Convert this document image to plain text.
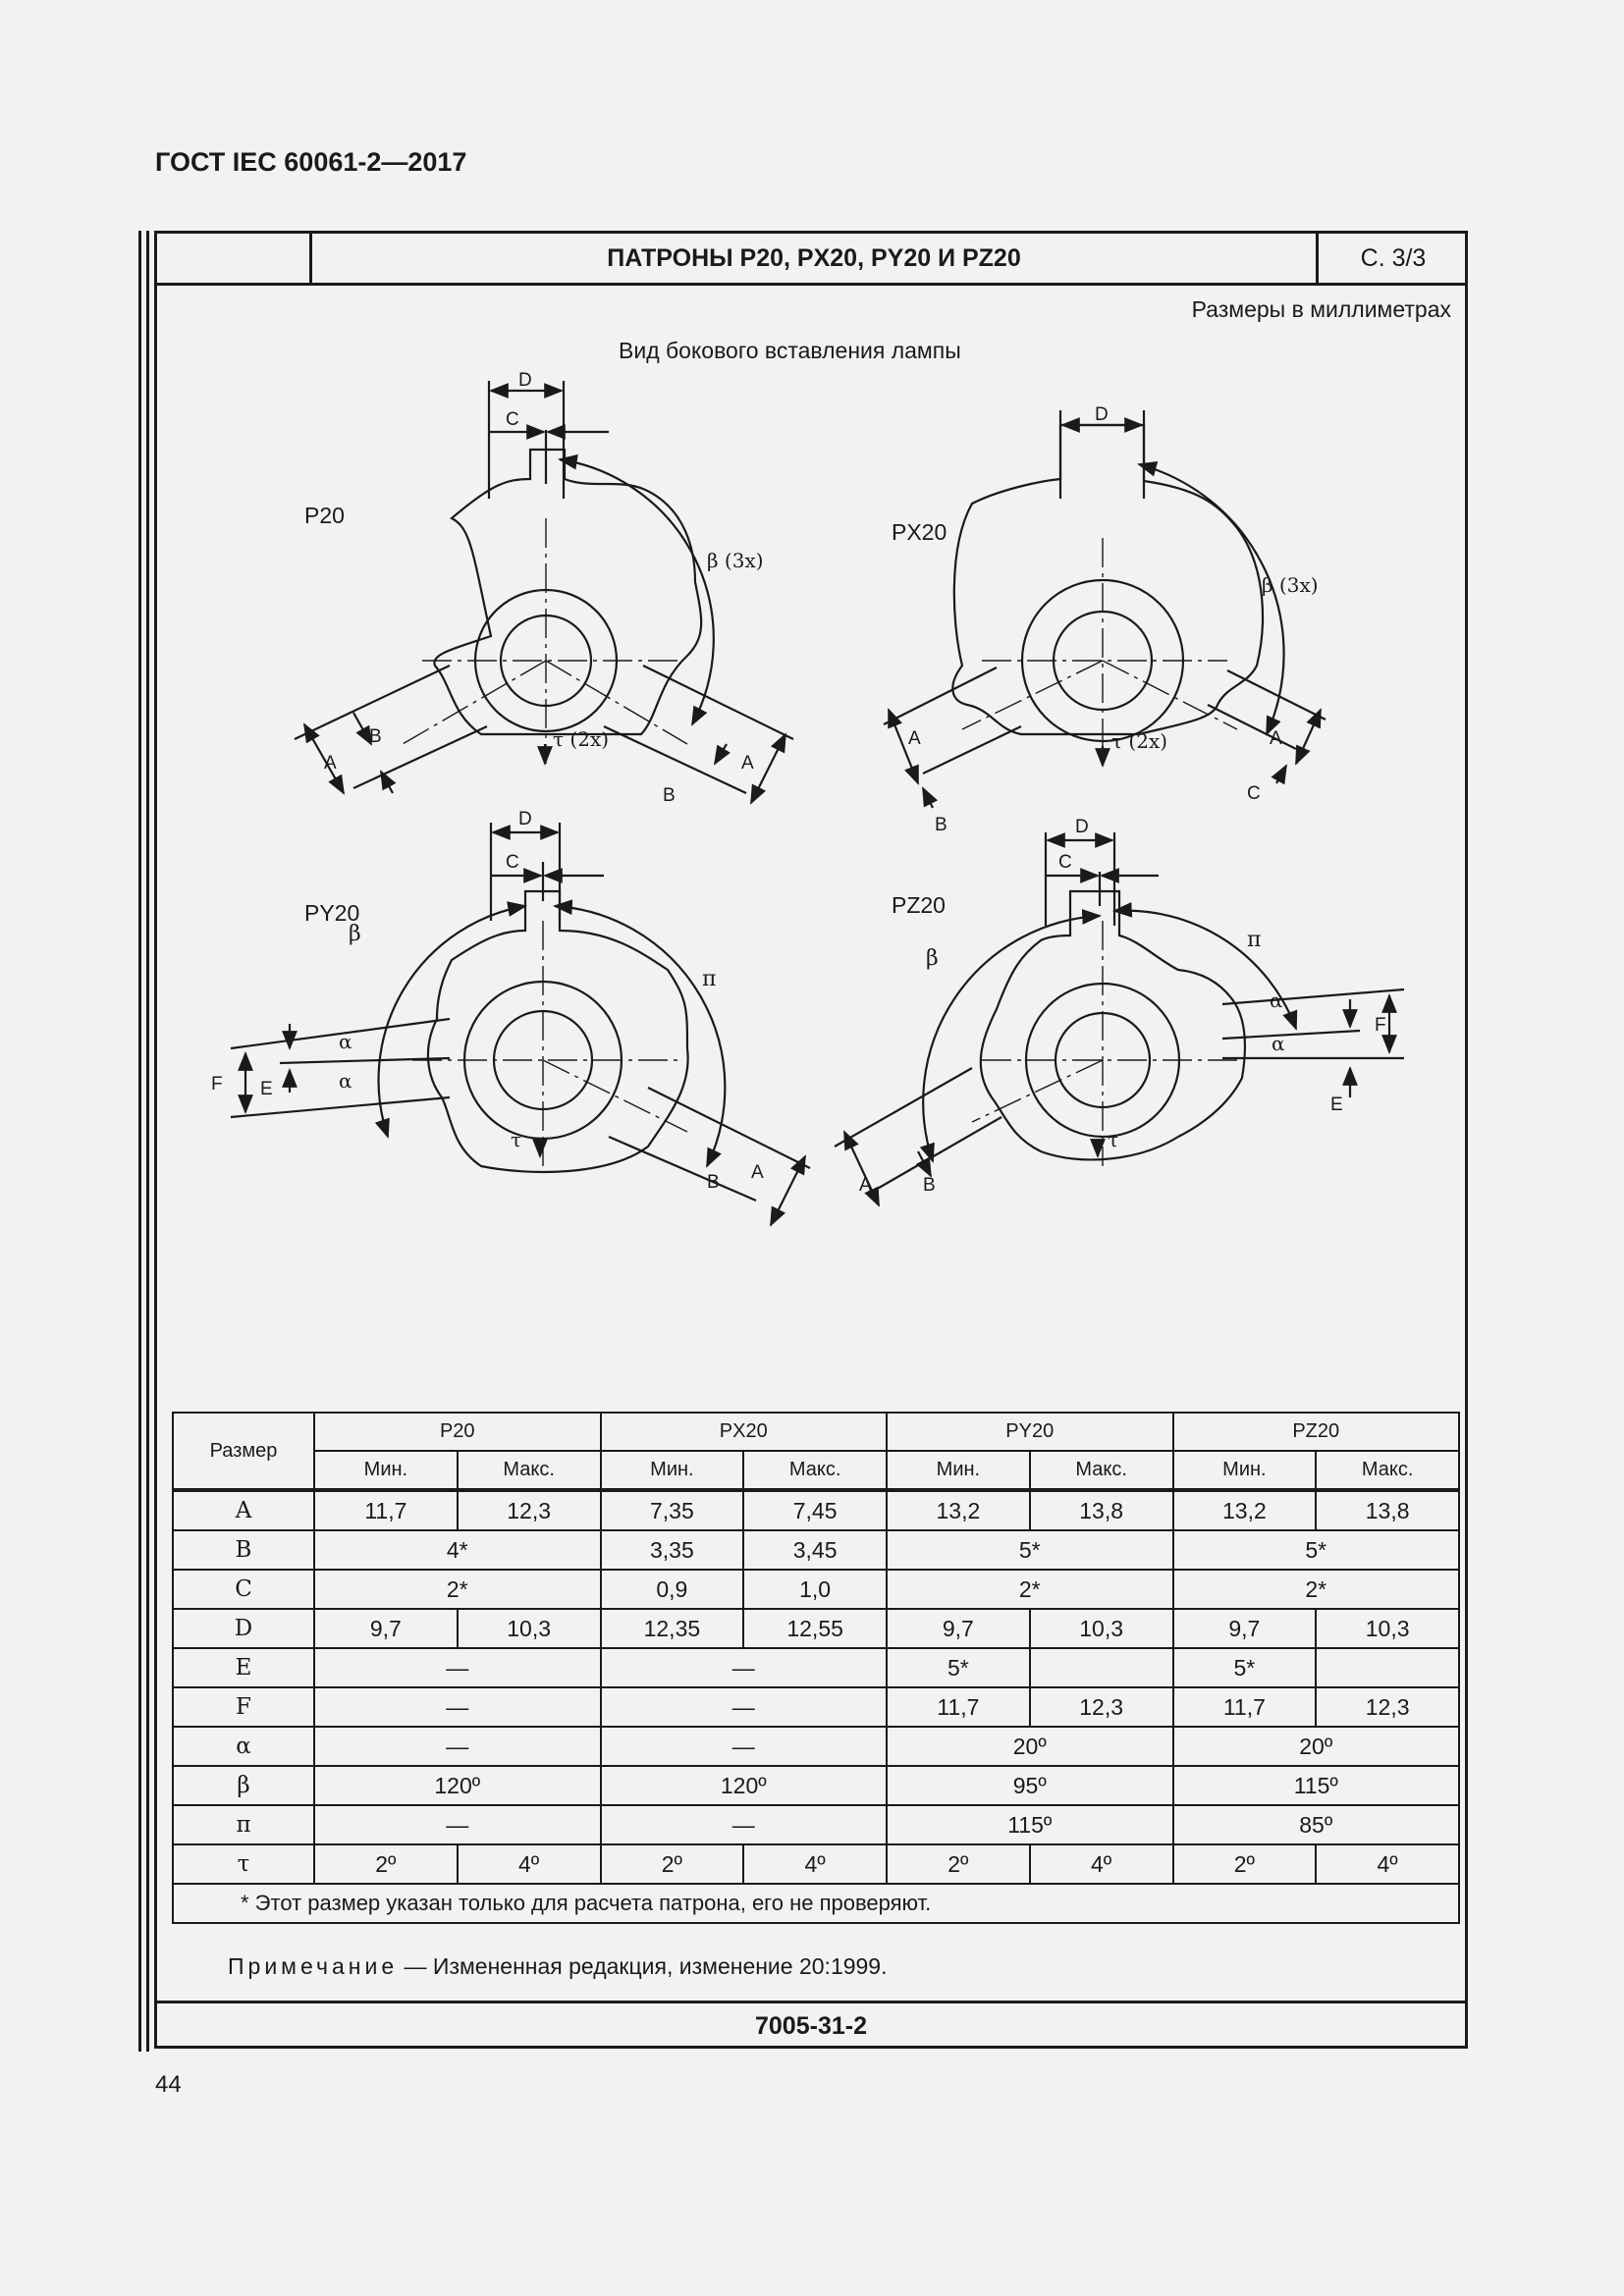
ГОСТ IEC 60061-2—2017
ПАТРОНЫ P20, PX20, PY20 И PZ20	С. 3/3
Размеры в миллиметрах
Вид бокового вставления лампы
P20
D
C
β (3x)
τ (2x)
A
B
A
B
PX20
D
β (3x)
τ (2x)
A
B
A
C
PY20
D
C
β
π
F E
α
α
τ
A
B
PZ20
D
C
β
π
F
E
α
α
τ
A	B
Размер	P20		PX20		PY20		PZ20	
	Мин.	Макс.	Мин.	Макс.	Мин.	Макс.	Мин.	Макс.
A	11,7	12,3	7,35	7,45	13,2	13,8	13,2	13,8
B	4*		3,35	3,45	5*		5*	
C	2*		0,9	1,0	2*		2*	
D	9,7	10,3	12,35	12,55	9,7	10,3	9,7	10,3
E	—		—		5*		5*	
F	—		—		11,7	12,3	11,7	12,3
α	—		—		20º		20º	
β	120º		120º		95º		115º	
π	—		—		115º		85º	
τ	2º	4º	2º	4º	2º	4º	2º	4º
* Этот размер указан только для расчета патрона, его не проверяют.								
Примечание — Измененная редакция, изменение 20:1999.
7005-31-2
44
